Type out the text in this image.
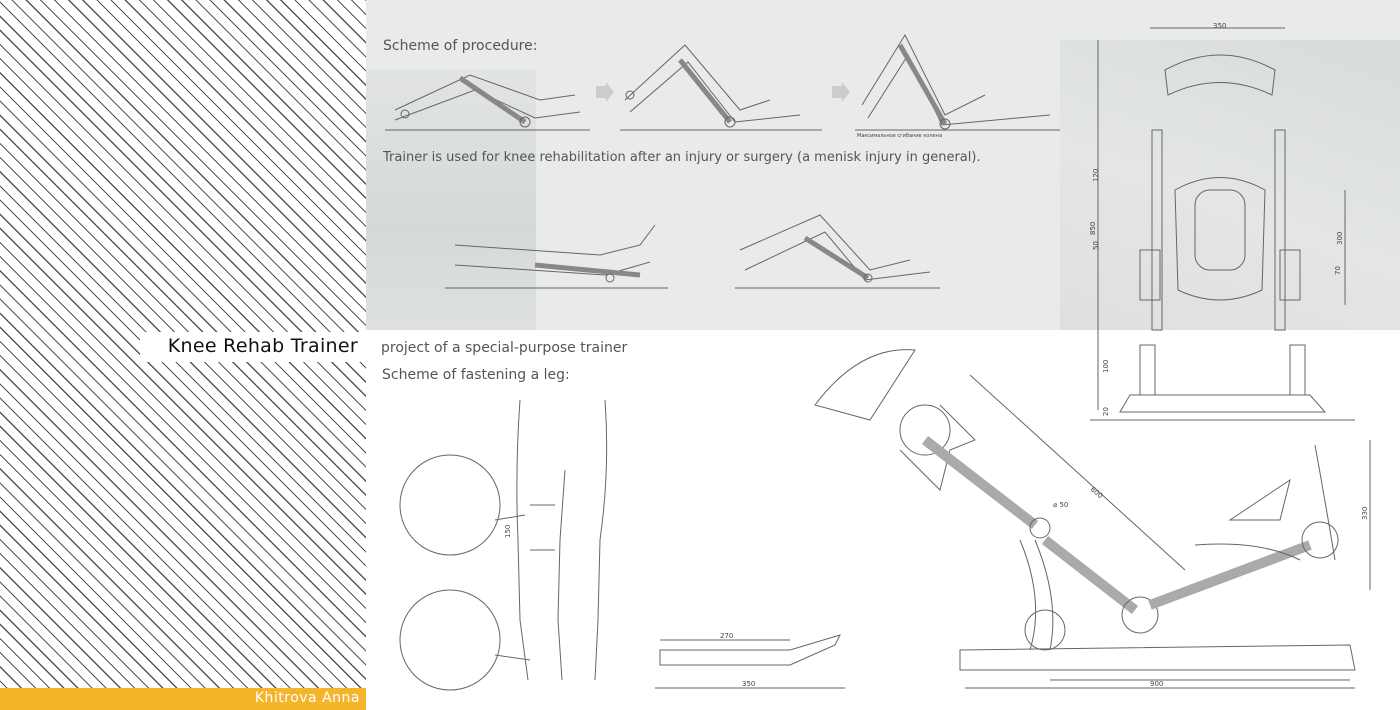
Knee Rehab Trainer
Khitrova Anna
Scheme of procedure:
Trainer is used for knee rehabilitation after an injury or surgery (a menisk injury in general).
project of a special-purpose trainer
Scheme of fastening a leg:
350
850
120
50
300
70
100
20
600
⌀ 50
330
900
270
350
150
Максимальное сгибание колена
